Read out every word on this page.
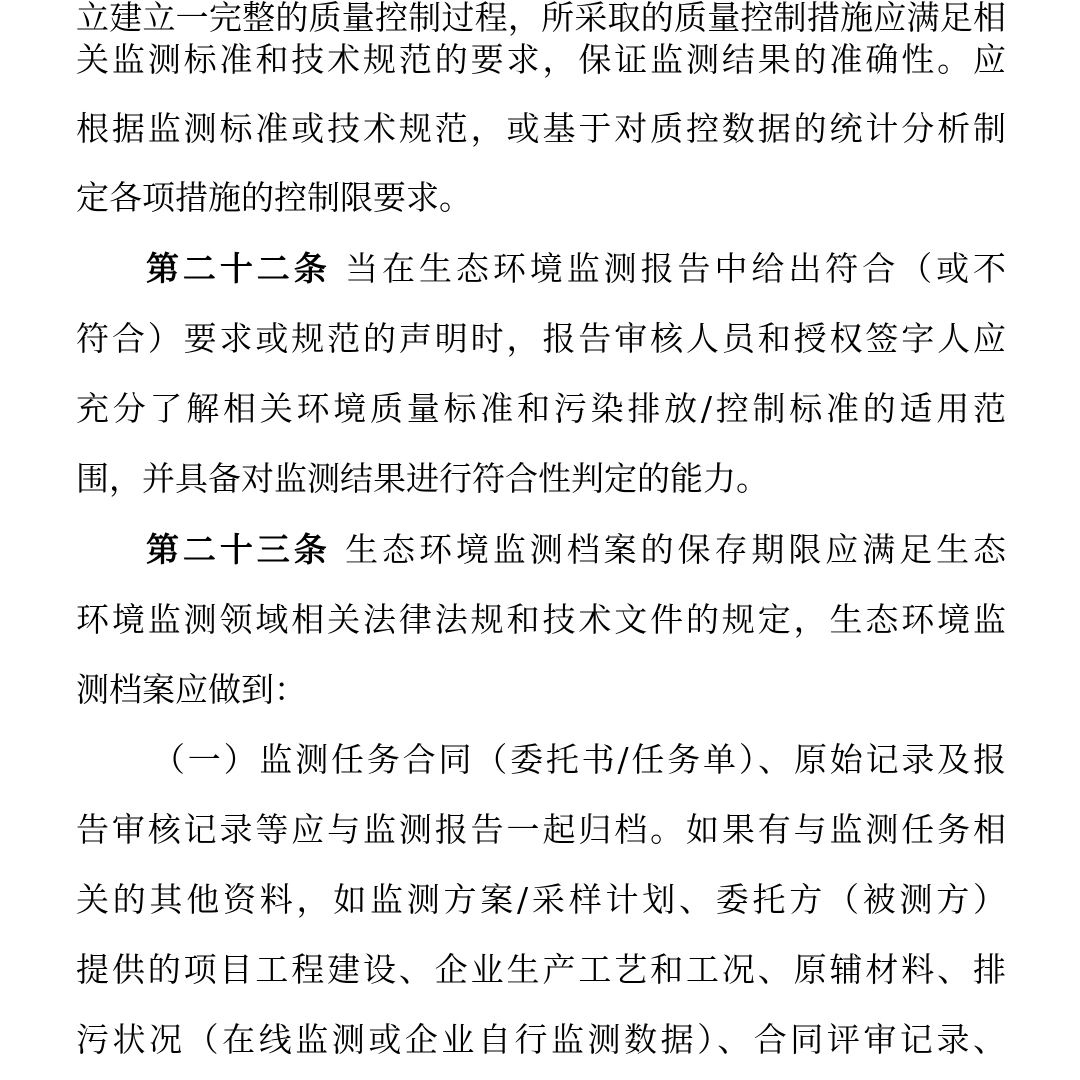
立建立一完整的质量控制过程，所采取的质量控制措施应满足相
关监测标准和技术规范的要求，保证监测结果的准确性。应
根据监测标准或技术规范，或基于对质控数据的统计分析制
定各项措施的控制限要求。
第二十二条 当在生态环境监测报告中给出符合（或不
符合）要求或规范的声明时，报告审核人员和授权签字人应
充分了解相关环境质量标准和污染排放/控制标准的适用范
围，并具备对监测结果进行符合性判定的能力。
第二十三条 生态环境监测档案的保存期限应满足生态
环境监测领域相关法律法规和技术文件的规定，生态环境监
测档案应做到：
（一）监测任务合同（委托书/任务单）、原始记录及报
告审核记录等应与监测报告一起归档。如果有与监测任务相
关的其他资料，如监测方案/采样计划、委托方（被测方）
提供的项目工程建设、企业生产工艺和工况、原辅材料、排
污状况（在线监测或企业自行监测数据）、合同评审记录、
